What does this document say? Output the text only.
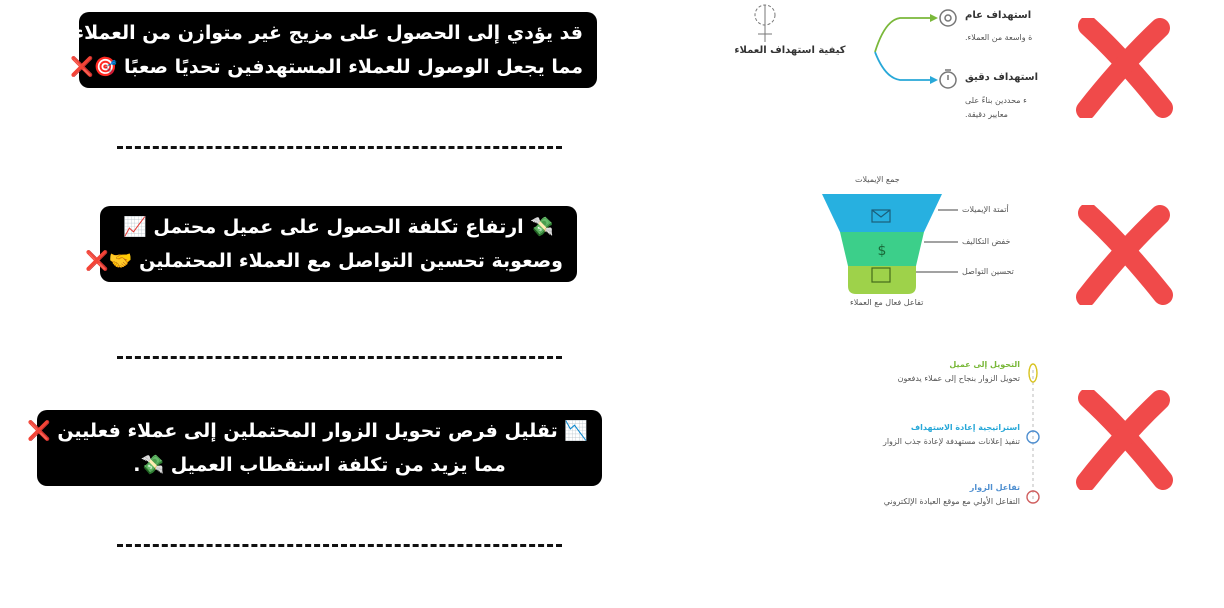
قد يؤدي إلى الحصول على مزيج غير متوازن من العملاء،
مما يجعل الوصول للعملاء المستهدفين تحديًا صعبًا 🎯❌.
💸 ارتفاع تكلفة الحصول على عميل محتمل 📈
وصعوبة تحسين التواصل مع العملاء المحتملين 🤝❌.
📉 تقليل فرص تحويل الزوار المحتملين إلى عملاء فعليين ❌،
مما يزيد من تكلفة استقطاب العميل 💸.
كيفية استهداف العملاء
استهداف عام
ة واسعة من العملاء.
استهداف دقيق
ء محددين بناءً على
معايير دقيقة.
جمع الإيميلات
$
أتمتة الإيميلات
خفض التكاليف
تحسين التواصل
تفاعل فعال مع العملاء
التحويل إلى عميل
تحويل الزوار بنجاح إلى عملاء يدفعون
استراتيجية إعادة الاستهداف
تنفيذ إعلانات مستهدفة لإعادة جذب الزوار
تفاعل الزوار
التفاعل الأولي مع موقع العيادة الإلكتروني
